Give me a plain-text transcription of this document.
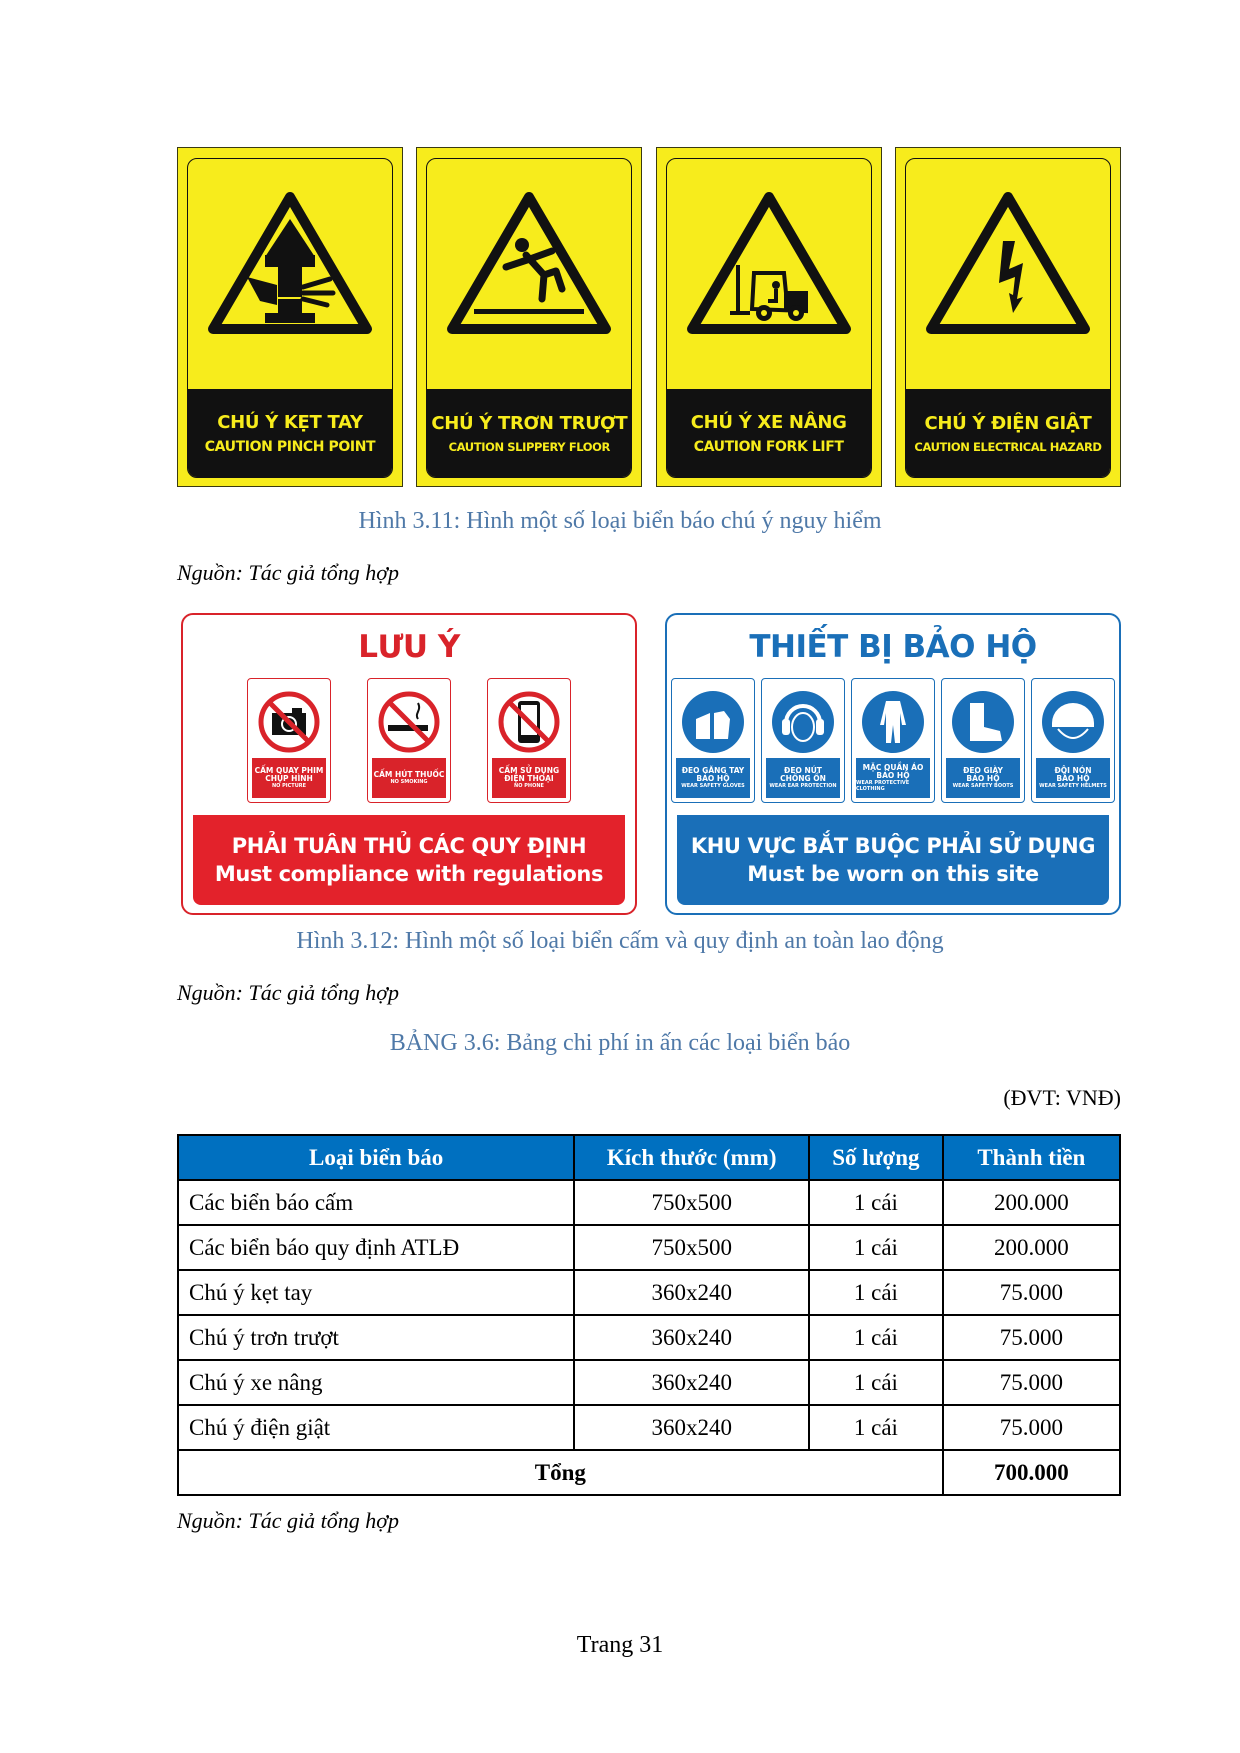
CHÚ Ý KẸT TAY
CAUTION PINCH POINT
CHÚ Ý TRƠN TRƯỢT
CAUTION SLIPPERY FLOOR
CHÚ Ý XE NÂNG
CAUTION FORK LIFT
CHÚ Ý ĐIỆN GIẬT
CAUTION ELECTRICAL HAZARD
Hình 3.11: Hình một số loại biển báo chú ý nguy hiểm
Nguồn: Tác giả tổng hợp
LƯU Ý
CẤM QUAY PHIM
CHỤP HÌNH
NO PICTURE
CẤM HÚT THUỐC
NO SMOKING
CẤM SỬ DỤNG
ĐIỆN THOẠI
NO PHONE
PHẢI TUÂN THỦ CÁC QUY ĐỊNH
Must compliance with regulations
THIẾT BỊ BẢO HỘ
ĐEO GĂNG TAY
BẢO HỘ
WEAR SAFETY GLOVES
ĐEO NÚT
CHỐNG ỒN
WEAR EAR PROTECTION
MẶC QUẦN ÁO
BẢO HỘ
WEAR PROTECTIVE CLOTHING
ĐEO GIÀY
BẢO HỘ
WEAR SAFETY BOOTS
ĐỘI NÓN
BẢO HỘ
WEAR SAFETY HELMETS
KHU VỰC BẮT BUỘC PHẢI SỬ DỤNG
Must be worn on this site
Hình 3.12: Hình một số loại biển cấm và quy định an toàn lao động
Nguồn: Tác giả tổng hợp
BẢNG 3.6: Bảng chi phí in ấn các loại biển báo
(ĐVT: VNĐ)
Loại biển báo	Kích thước (mm)	Số lượng	Thành tiền
Các biển báo cấm	750x500	1 cái	200.000
Các biển báo quy định ATLĐ	750x500	1 cái	200.000
Chú ý kẹt tay	360x240	1 cái	75.000
Chú ý trơn trượt	360x240	1 cái	75.000
Chú ý xe nâng	360x240	1 cái	75.000
Chú ý điện giật	360x240	1 cái	75.000
Tổng			700.000
Nguồn: Tác giả tổng hợp
Trang 31
